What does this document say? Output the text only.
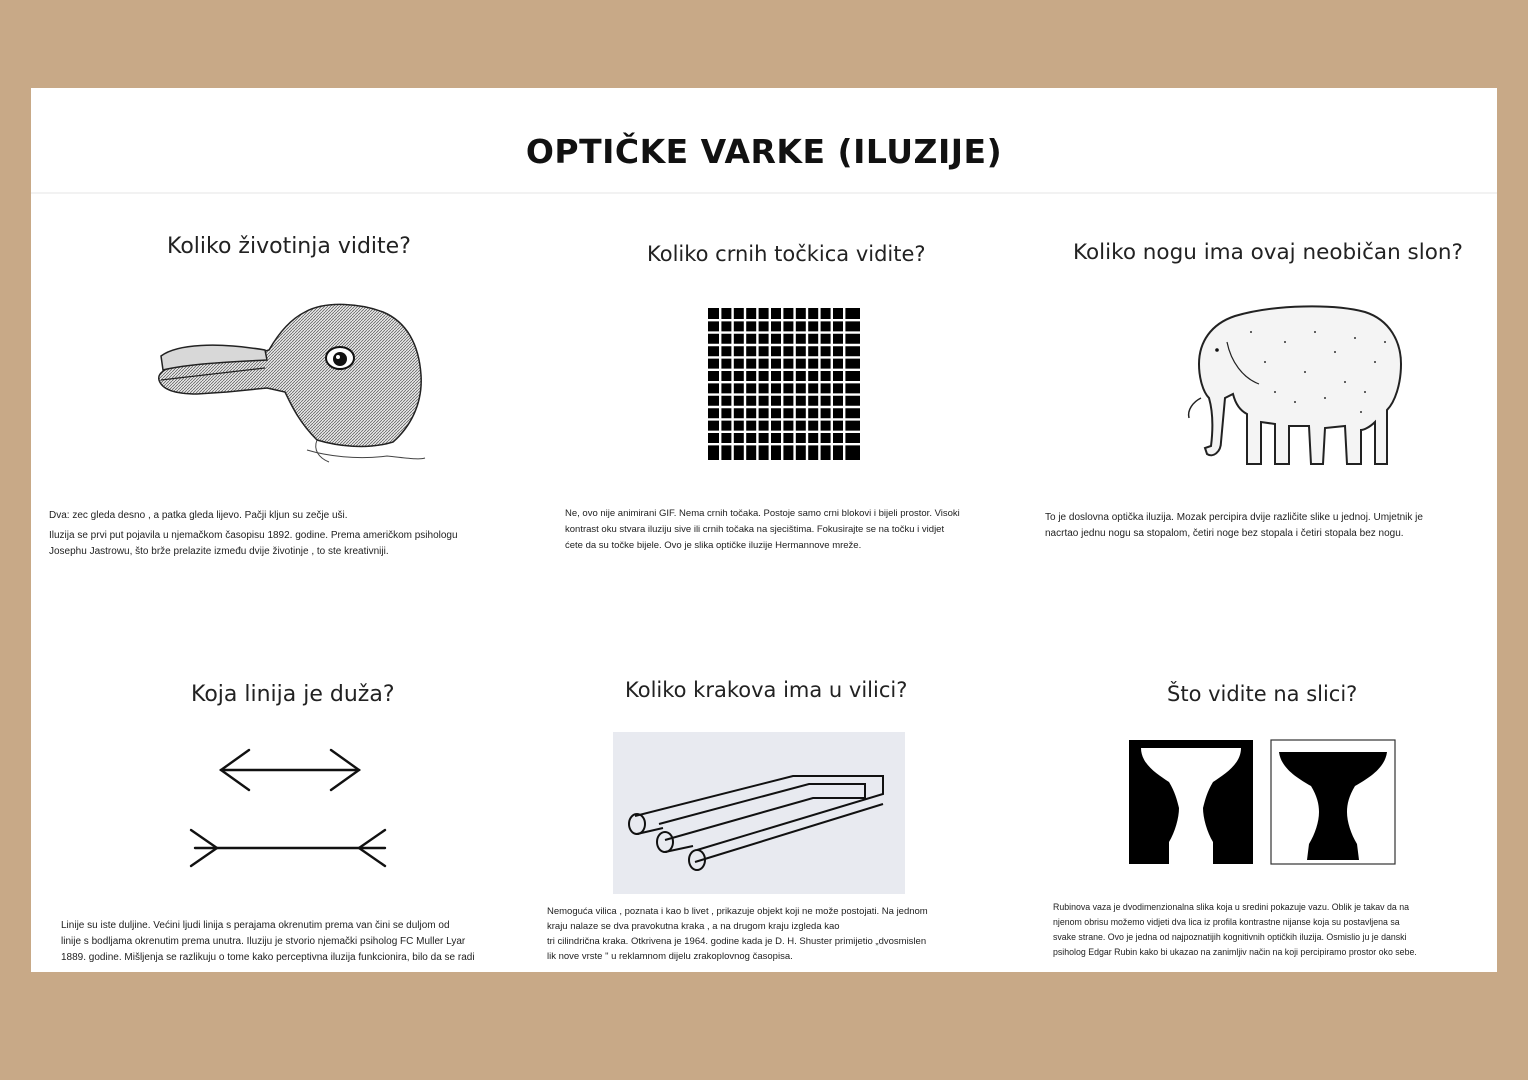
OPTIČKE VARKE (ILUZIJE)
Koliko životinja vidite?

Dva: zec gleda desno , a patka gleda lijevo. Pačji kljun su zečje uši.

Iluzija se prvi put pojavila u njemačkom časopisu 1892. godine. Prema američkom psihologu

Josephu Jastrowu, što brže prelazite između dvije životinje , to ste kreativniji.

Koliko crnih točkica vidite?

Ne, ovo nije animirani GIF. Nema crnih točaka. Postoje samo crni blokovi i bijeli prostor. Visoki

kontrast oku stvara iluziju sive ili crnih točaka na sjecištima. Fokusirajte se na točku i vidjet

ćete da su točke bijele. Ovo je slika optičke iluzije Hermannove mreže.

Koliko nogu ima ovaj neobičan slon?

To je doslovna optička iluzija. Mozak percipira dvije različite slike u jednoj. Umjetnik je

nacrtao jednu nogu sa stopalom, četiri noge bez stopala i četiri stopala bez nogu.

Koja linija je duža?

Linije su iste duljine. Većini ljudi linija s perajama okrenutim prema van čini se duljom od

linije s bodljama okrenutim prema unutra. Iluziju je stvorio njemački psiholog FC Muller Lyar

1889. godine. Mišljenja se razlikuju o tome kako perceptivna iluzija funkcionira, bilo da se radi

Koliko krakova ima u vilici?

Nemoguća vilica , poznata i kao b livet , prikazuje objekt koji ne može postojati. Na jednom

kraju nalaze se dva pravokutna kraka , a na drugom kraju izgleda kao

tri cilindrična kraka. Otkrivena je 1964. godine kada je D. H. Shuster primijetio „dvosmislen

lik nove vrste " u reklamnom dijelu zrakoplovnog časopisa.

Što vidite na slici?

Rubinova vaza je dvodimenzionalna slika koja u sredini pokazuje vazu. Oblik je takav da na

njenom obrisu možemo vidjeti dva lica iz profila kontrastne nijanse koja su postavljena sa

svake strane. Ovo je jedna od najpoznatijih kognitivnih optičkih iluzija. Osmislio ju je danski

psiholog Edgar Rubin kako bi ukazao na zanimljiv način na koji percipiramo prostor oko sebe.
